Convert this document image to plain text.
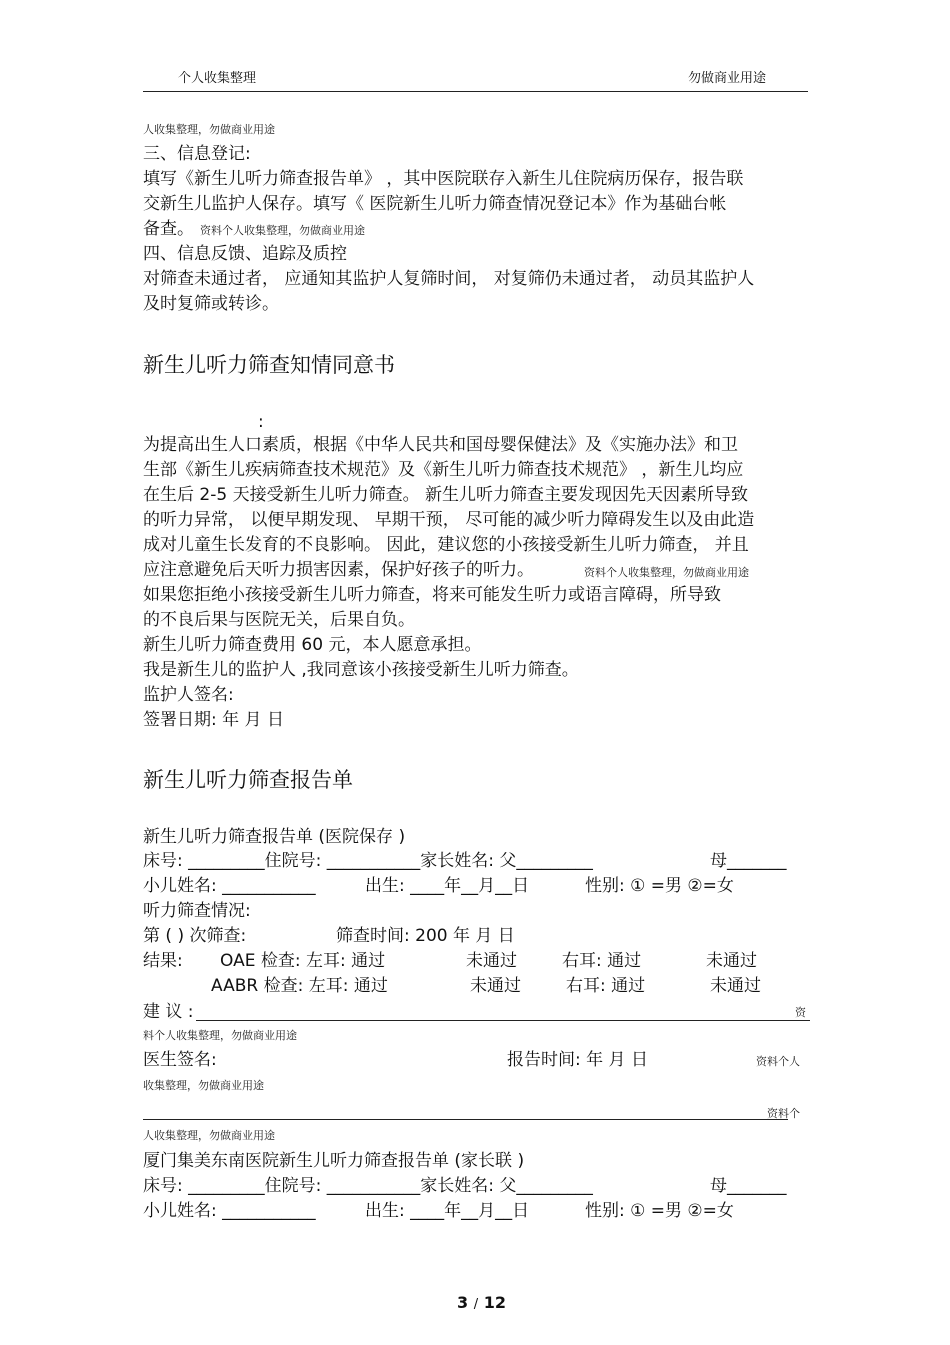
个人收集整理	勿做商业用途
人收集整理，勿做商业用途
三、信息登记:
填写《新生儿听力筛查报告单》 ，其中医院联存入新生儿住院病历保存，报告联
交新生儿监护人保存。填写《 医院新生儿听力筛查情况登记本》作为基础台帐
备查。 资料个人收集整理，勿做商业用途
四、信息反馈、追踪及质控
对筛查未通过者， 应通知其监护人复筛时间， 对复筛仍未通过者， 动员其监护人
及时复筛或转诊。
新生儿听力筛查知情同意书
:
为提高出生人口素质，根据《中华人民共和国母婴保健法》及《实施办法》和卫
生部《新生儿疾病筛查技术规范》及《新生儿听力筛查技术规范》 ，新生儿均应
在生后 2-5 天接受新生儿听力筛查。 新生儿听力筛查主要发现因先天因素所导致
的听力异常， 以便早期发现、 早期干预， 尽可能的减少听力障碍发生以及由此造
成对儿童生长发育的不良影响。 因此，建议您的小孩接受新生儿听力筛查， 并且
应注意避免后天听力损害因素，保护好孩子的听力。	资料个人收集整理，勿做商业用途
如果您拒绝小孩接受新生儿听力筛查，将来可能发生听力或语言障碍，所导致
的不良后果与医院无关，后果自负。
新生儿听力筛查费用 60 元，本人愿意承担。
我是新生儿的监护人 ,我同意该小孩接受新生儿听力筛查。
监护人签名:
签署日期: 年 月 日
新生儿听力筛查报告单
新生儿听力筛查报告单 (医院保存 )
床号: _________住院号: ___________家长姓名: 父_________	母_______
小儿姓名: ___________	出生: ____年__月__日	性别: ① =男 ②=女
听力筛查情况:
第 ( ) 次筛查:	筛查时间: 200 年 月 日
结果: OAE 检查: 左耳: 通过	未通过	右耳: 通过	未通过
AABR 检查: 左耳: 通过	未通过	右耳: 通过	未通过
建 议 :	资
料个人收集整理，勿做商业用途
医生签名:	报告时间: 年 月 日	资料个人
收集整理，勿做商业用途
资料个
人收集整理，勿做商业用途
厦门集美东南医院新生儿听力筛查报告单 (家长联 )
床号: _________住院号: ___________家长姓名: 父_________	母_______
小儿姓名: ___________	出生: ____年__月__日	性别: ① =男 ②=女
3 / 12
